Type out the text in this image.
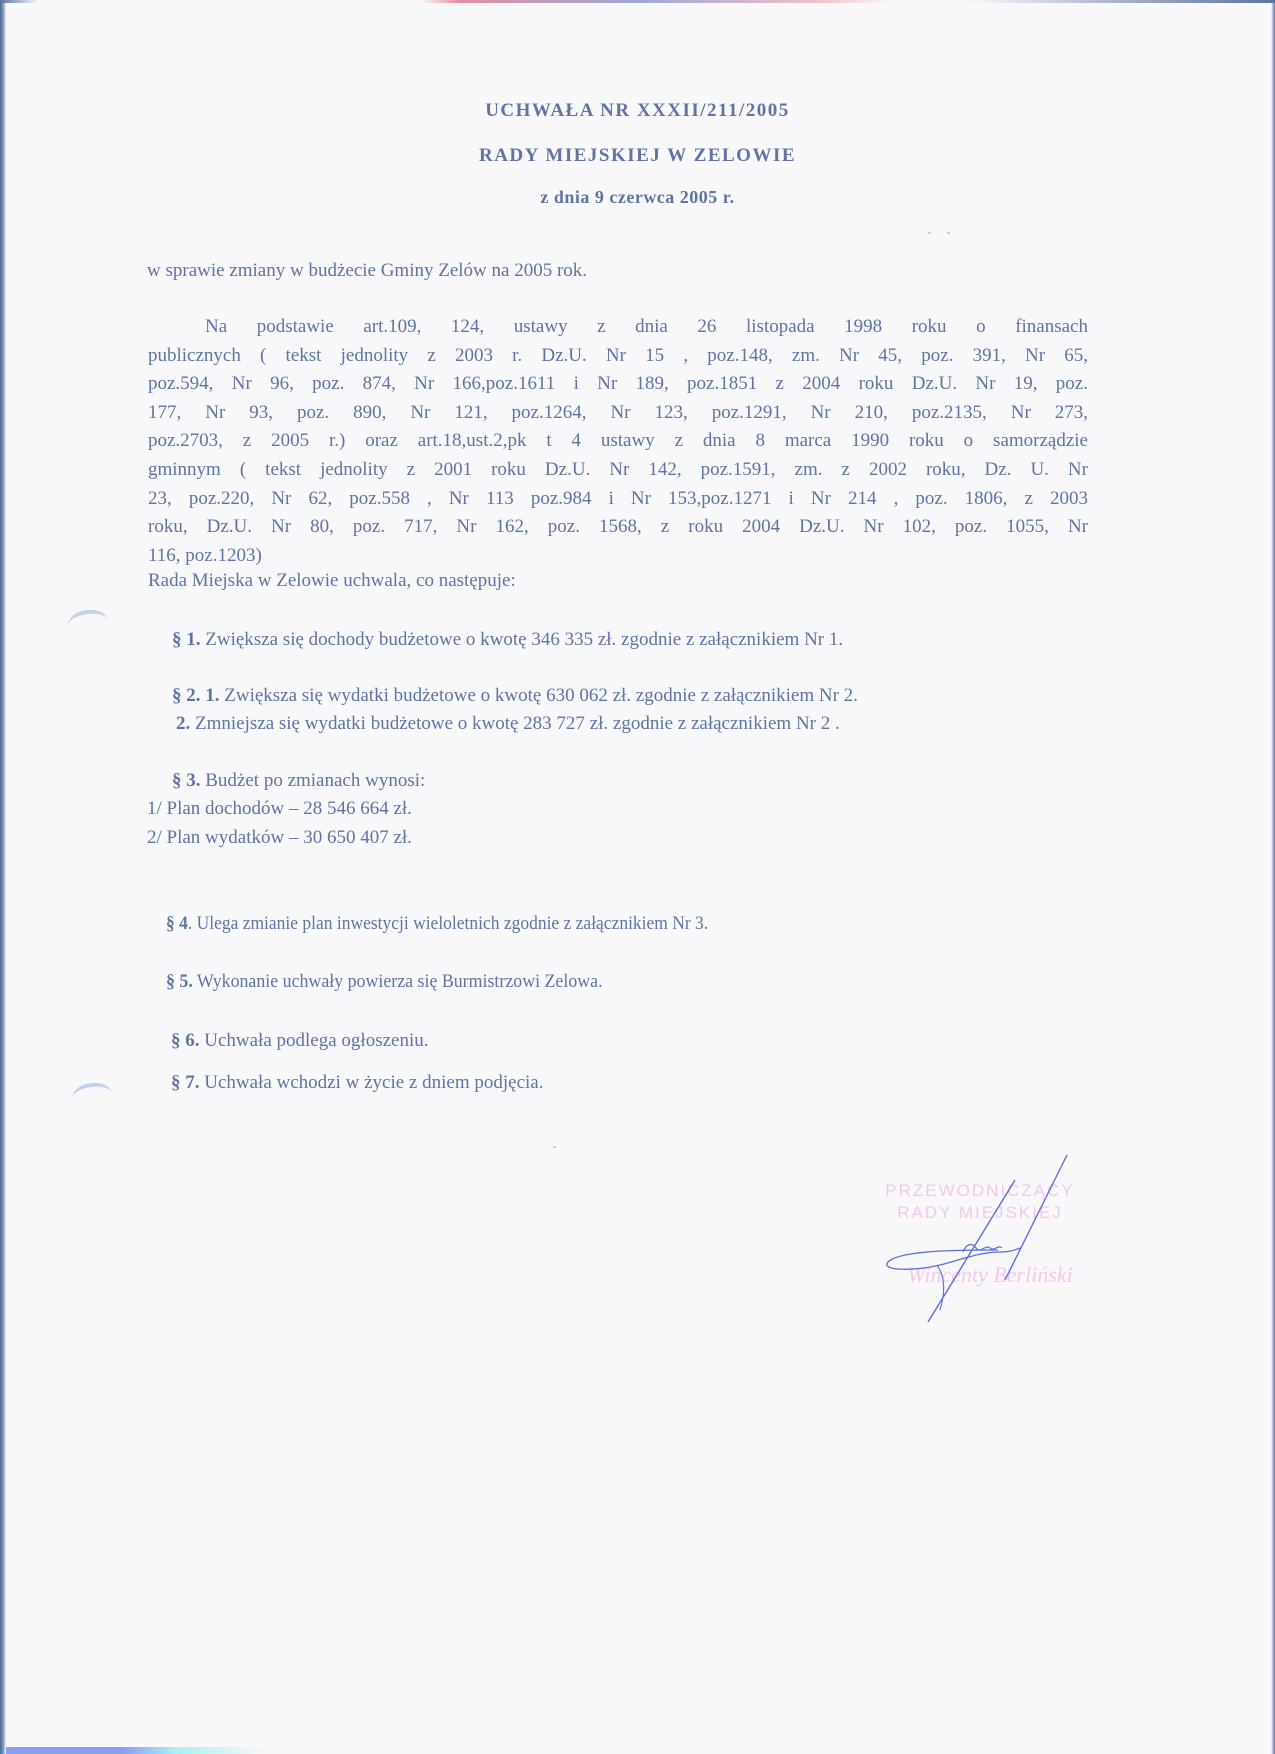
UCHWAŁA NR XXXII/211/2005
RADY MIEJSKIEJ W ZELOWIE
z dnia 9 czerwca 2005 r.
w sprawie zmiany w budżecie Gminy Zelów na 2005 rok.
Na podstawie art.109, 124, ustawy z dnia 26 listopada 1998 roku o finansach
publicznych ( tekst jednolity z 2003 r. Dz.U. Nr 15 , poz.148, zm. Nr 45, poz. 391, Nr 65,
poz.594, Nr 96, poz. 874, Nr 166,poz.1611 i Nr 189, poz.1851 z 2004 roku Dz.U. Nr 19, poz.
177, Nr 93, poz. 890, Nr 121, poz.1264, Nr 123, poz.1291, Nr 210, poz.2135, Nr 273,
poz.2703, z 2005 r.) oraz art.18,ust.2,pk t 4 ustawy z dnia 8 marca 1990 roku o samorządzie
gminnym ( tekst jednolity z 2001 roku Dz.U. Nr 142, poz.1591, zm. z 2002 roku, Dz. U. Nr
23, poz.220, Nr 62, poz.558 , Nr 113 poz.984 i Nr 153,poz.1271 i Nr 214 , poz. 1806, z 2003
roku, Dz.U. Nr 80, poz. 717, Nr 162, poz. 1568, z roku 2004 Dz.U. Nr 102, poz. 1055, Nr
116, poz.1203)
Rada Miejska w Zelowie uchwala, co następuje:
§ 1. Zwiększa się dochody budżetowe o kwotę 346 335 zł. zgodnie z załącznikiem Nr 1.
§ 2. 1. Zwiększa się wydatki budżetowe o kwotę 630 062 zł. zgodnie z załącznikiem Nr 2.
2. Zmniejsza się wydatki budżetowe o kwotę 283 727 zł. zgodnie z załącznikiem Nr 2 .
§ 3. Budżet po zmianach wynosi:
1/ Plan dochodów – 28 546 664 zł.
2/ Plan wydatków – 30 650 407 zł.
§ 4. Ulega zmianie plan inwestycji wieloletnich zgodnie z załącznikiem Nr 3.
§ 5. Wykonanie uchwały powierza się Burmistrzowi Zelowa.
§ 6. Uchwała podlega ogłoszeniu.
§ 7. Uchwała wchodzi w życie z dniem podjęcia.
PRZEWODNICZĄCY
RADY MIEJSKIEJ
Wincenty Berliński
